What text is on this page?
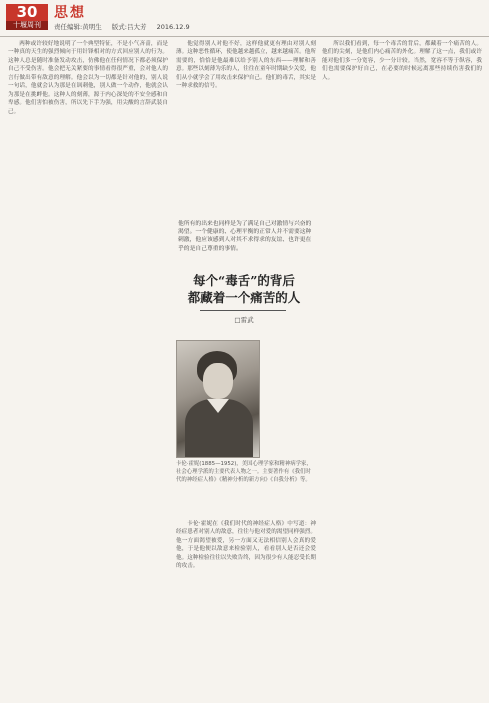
30
十堰周刊
思想
责任编辑:黄明生 版式:吕大芳 2016.12.9

两种或许较好地说明了一个典型特征，不是小气吝啬，而是一种真的天生的强烈倾向于用针锋相对的方式回应别人的行为。这种人总是随时准备发动攻击，仿佛他在任何情况下都必须保护自己不受伤害。他会把无关紧要的事情看得很严重，会对他人的言行做出带有敌意的理解。他会以为一切都是针对他的，别人说一句话，他就会认为那是在讽刺他，别人做一个动作，他就会认为那是在挑衅他。这种人的刻薄，源于内心深处的不安全感和自卑感。他们害怕被伤害，所以先下手为强，用尖酸的言辞武装自己。

他觉得别人对他不好，这样他就更有理由对别人刻薄。这种恶性循环，使他越来越孤立，越来越痛苦。他所需要的，恰恰是他最难以给予别人的东西——理解和善意。那些以刻薄为乐的人，往往在童年时期缺少关爱，他们从小就学会了用攻击来保护自己。他们的毒舌，其实是一种求救的信号。

他所有的出来也同样是为了满足自己对激情与兴奋的渴望。一个健康的、心理平衡的正常人并不需要这种刺激，他应该感到人对其不求得求的友谊、也许更在乎的是自己尊重的事情。
每个“毒舌”的背后
都藏着一个痛苦的人
□雷武
卡伦·霍妮(1885—1952)，美国心理学家和精神病学家，社会心理学派的主要代表人物之一。主要著作有《我们时代的神经症人格》《精神分析的新方向》《自我分析》等。

卡伦·霍妮在《我们时代的神经症人格》中写道：神经症患者对别人的敌意，往往与他对爱的渴望同样强烈。他一方面渴望被爱，另一方面又无法相信别人会真的爱他，于是他便以敌意来检验别人，看看别人是否还会爱他。这种检验往往以失败告终，因为很少有人能忍受长期的攻击。

所以我们看到，每一个毒舌的背后，都藏着一个痛苦的人。他们的尖刻，是他们内心痛苦的外化。理解了这一点，我们或许能对他们多一分宽容，少一分计较。当然，宽容不等于纵容，我们也需要保护好自己，在必要的时候远离那些持续伤害我们的人。
